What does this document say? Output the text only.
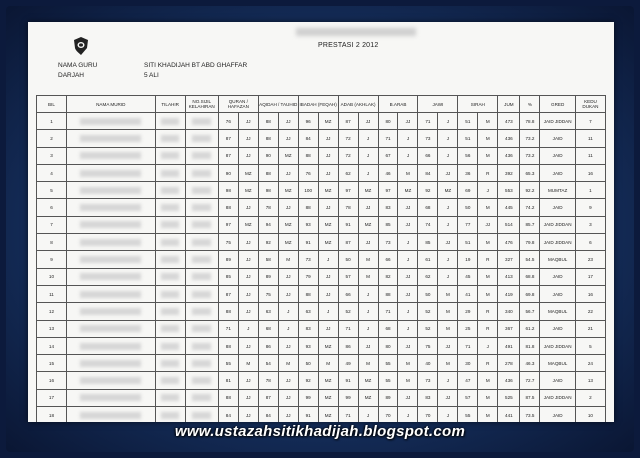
PRESTASI 2 2012
NAMA GURU
DARJAH
SITI KHADIJAH BT ABD GHAFFAR
5 ALI
BIL	NAMA MURID	TILAHIR	NO.SIJIL KELAHIRAN	QURAN / HAFAZAN		AQIDAH / TAUHID		IBADAH (FEQAH)		ADAB (AKHLAK)		B.ARAB		JAWI		SIRAH		JUM	%	GRED	KEDU DUKAN
1				76	JJ	88	JJ	96	MZ	87	JJ	80	JJ	71	J	51	M	473	78.8	JAID JIDDAN	7
2				87	JJ	88	JJ	84	JJ	72	J	71	J	73	J	51	M	436	73.2	JAID	11
3				87	JJ	90	MZ	88	JJ	72	J	67	J	66	J	56	M	436	73.2	JAID	11
4				90	MZ	88	JJ	76	JJ	62	J	46	M	84	JJ	36	R	392	65.3	JAID	16
5				98	MZ	98	MZ	100	MZ	97	MZ	97	MZ	92	MZ	69	J	553	92.2	MUMTAZ	1
6				88	JJ	78	JJ	88	JJ	78	JJ	83	JJ	68	J	50	M	445	74.2	JAID	9
7				97	MZ	94	MZ	93	MZ	91	MZ	85	JJ	74	J	77	JJ	514	85.7	JAID JIDDAN	3
8				75	JJ	92	MZ	91	MZ	87	JJ	73	J	85	JJ	51	M	476	79.8	JAID JIDDAN	6
9				89	JJ	58	M	73	J	50	M	66	J	61	J	19	R	327	54.5	MAQBUL	23
10				85	JJ	89	JJ	79	JJ	57	M	82	JJ	62	J	45	M	413	68.8	JAID	17
11				87	JJ	75	JJ	88	JJ	66	J	88	JJ	50	M	41	M	419	69.8	JAID	16
12				88	JJ	63	J	63	J	52	J	71	J	52	M	29	R	340	56.7	MAQBUL	22
13				71	J	68	J	83	JJ	71	J	68	J	52	M	25	R	367	61.2	JAID	21
14				88	JJ	86	JJ	93	MZ	86	JJ	80	JJ	75	JJ	71	J	491	81.8	JAID JIDDAN	5
15				55	M	54	M	50	M	49	M	55	M	40	M	30	R	278	46.3	MAQBUL	24
16				81	JJ	78	JJ	92	MZ	91	MZ	55	M	73	J	47	M	436	72.7	JAID	13
17				88	JJ	87	JJ	99	MZ	99	MZ	89	JJ	83	JJ	57	M	525	87.5	JAID JIDDAN	2
18				84	JJ	84	JJ	91	MZ	71	J	70	J	70	J	55	M	441	73.5	JAID	10
www.ustazahsitikhadijah.blogspot.com
